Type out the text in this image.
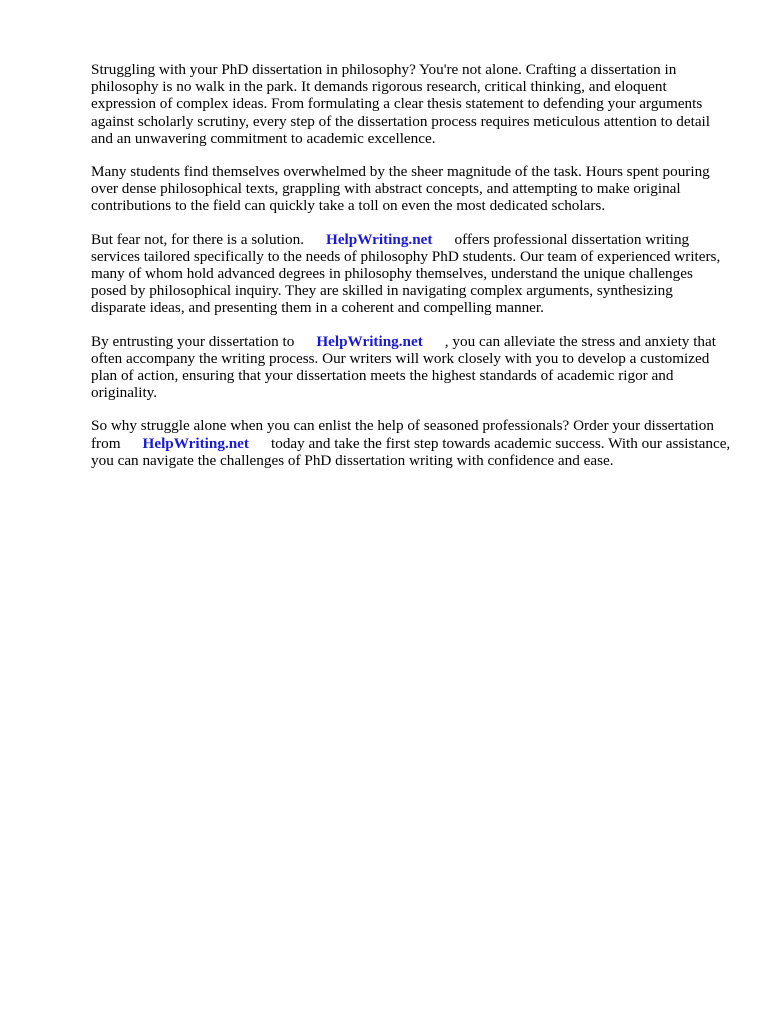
Struggling with your PhD dissertation in philosophy? You're not alone. Crafting a dissertation in philosophy is no walk in the park. It demands rigorous research, critical thinking, and eloquent expression of complex ideas. From formulating a clear thesis statement to defending your arguments against scholarly scrutiny, every step of the dissertation process requires meticulous attention to detail and an unwavering commitment to academic excellence.

Many students find themselves overwhelmed by the sheer magnitude of the task. Hours spent pouring over dense philosophical texts, grappling with abstract concepts, and attempting to make original contributions to the field can quickly take a toll on even the most dedicated scholars.

But fear not, for there is a solution. HelpWriting.net offers professional dissertation writing services tailored specifically to the needs of philosophy PhD students. Our team of experienced writers, many of whom hold advanced degrees in philosophy themselves, understand the unique challenges posed by philosophical inquiry. They are skilled in navigating complex arguments, synthesizing disparate ideas, and presenting them in a coherent and compelling manner.

By entrusting your dissertation to HelpWriting.net , you can alleviate the stress and anxiety that often accompany the writing process. Our writers will work closely with you to develop a customized plan of action, ensuring that your dissertation meets the highest standards of academic rigor and originality.

So why struggle alone when you can enlist the help of seasoned professionals? Order your dissertation from HelpWriting.net today and take the first step towards academic success. With our assistance, you can navigate the challenges of PhD dissertation writing with confidence and ease.
